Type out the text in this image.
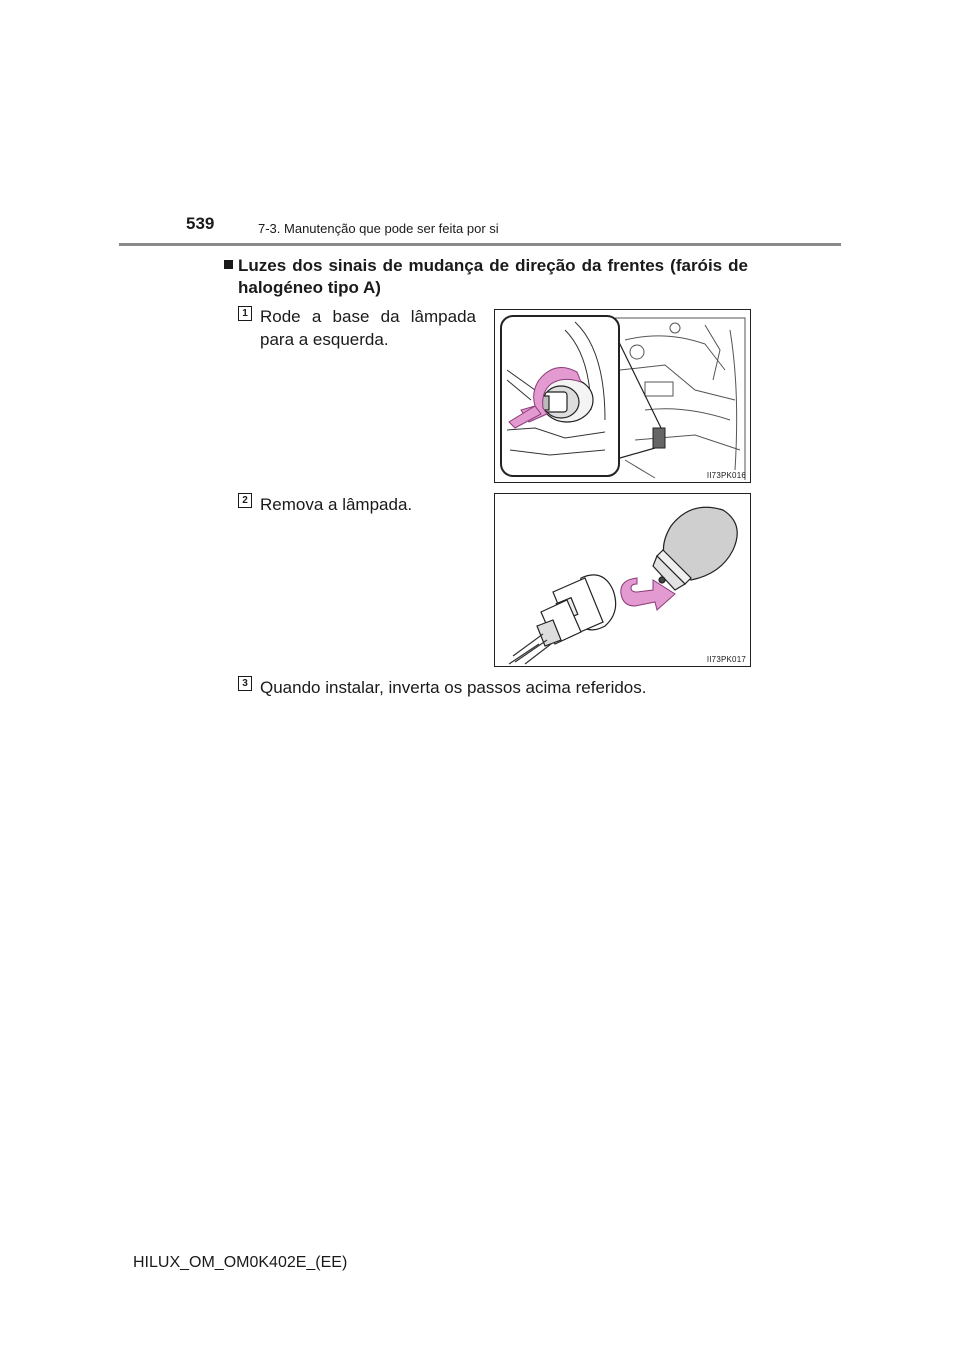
539	7-3. Manutenção que pode ser feita por si
Luzes dos sinais de mudança de direção da frentes (faróis de halogéneo tipo A)
1 Rode a base da lâmpada para a esquerda.
II73PK016
2 Remova a lâmpada.
II73PK017
3 Quando instalar, inverta os passos acima referidos.
HILUX_OM_OM0K402E_(EE)
